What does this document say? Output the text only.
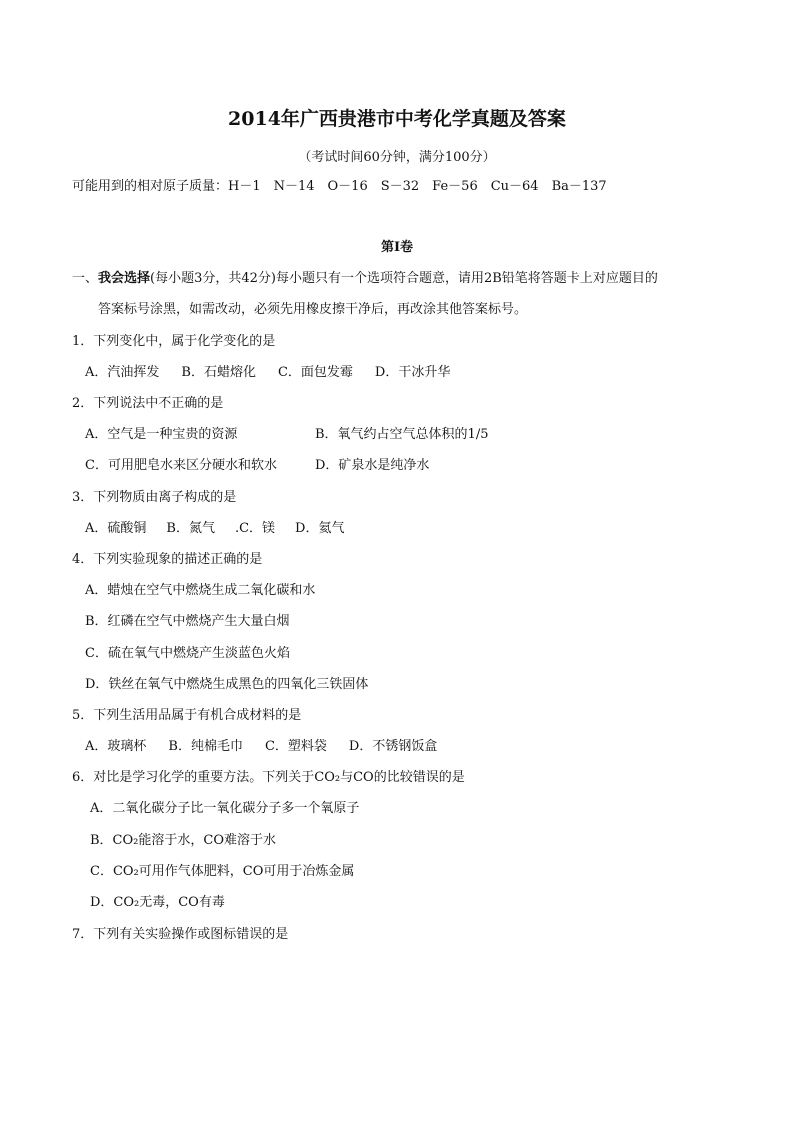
2014年广西贵港市中考化学真题及答案
（考试时间60分钟，满分100分）
可能用到的相对原子质量：H－1　N－14　O－16　S－32　Fe－56　Cu－64　Ba－137
第Ⅰ卷
一、我会选择(每小题3分，共42分)每小题只有一个选项符合题意，请用2B铅笔将答题卡上对应题目的
答案标号涂黑，如需改动，必须先用橡皮擦干净后，再改涂其他答案标号。
1．下列变化中，属于化学变化的是
A．汽油挥发 B．石蜡熔化 C．面包发霉 D．干冰升华
2．下列说法中不正确的是
A．空气是一种宝贵的资源	B．氧气约占空气总体积的1/5
C．可用肥皂水来区分硬水和软水	D．矿泉水是纯净水
3．下列物质由离子构成的是
A．硫酸铜 B．氮气 .C．镁 D．氦气
4．下列实验现象的描述正确的是
A．蜡烛在空气中燃烧生成二氧化碳和水
B．红磷在空气中燃烧产生大量白烟
C．硫在氧气中燃烧产生淡蓝色火焰
D．铁丝在氧气中燃烧生成黑色的四氧化三铁固体
5．下列生活用品属于有机合成材料的是
A．玻璃杯 B．纯棉毛巾 C．塑料袋 D．不锈钢饭盒
6．对比是学习化学的重要方法。下列关于CO₂与CO的比较错误的是
A．二氧化碳分子比一氧化碳分子多一个氧原子
B．CO₂能溶于水，CO难溶于水
C．CO₂可用作气体肥料，CO可用于冶炼金属
D．CO₂无毒，CO有毒
7．下列有关实验操作或图标错误的是
